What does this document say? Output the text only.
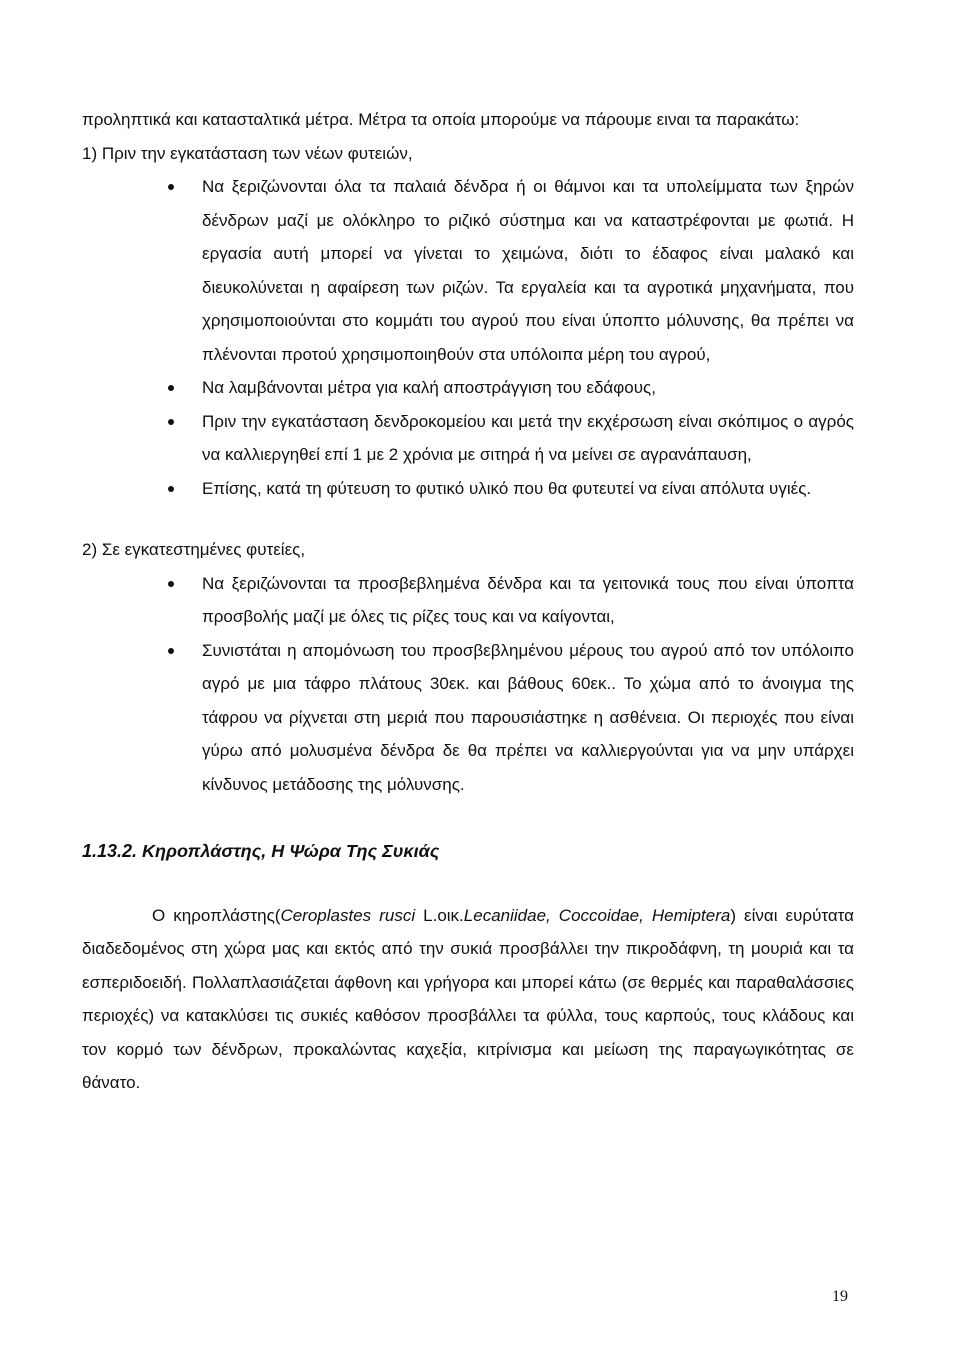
προληπτικά και κατασταλτικά μέτρα. Μέτρα τα οποία μπορούμε να πάρουμε ειναι τα παρακάτω:

1) Πριν την εγκατάσταση των νέων φυτειών,

Να ξεριζώνονται όλα τα παλαιά δένδρα ή οι θάμνοι και τα υπολείμματα των ξηρών δένδρων μαζί με ολόκληρο το ριζικό σύστημα και να καταστρέφονται με φωτιά. Η εργασία αυτή μπορεί να γίνεται το χειμώνα, διότι το έδαφος είναι μαλακό και διευκολύνεται η αφαίρεση των ριζών. Τα εργαλεία και τα αγροτικά μηχανήματα, που χρησιμοποιούνται στο κομμάτι του αγρού που είναι ύποπτο μόλυνσης, θα πρέπει να πλένονται προτού χρησιμοποιηθούν στα υπόλοιπα μέρη του αγρού,
Να λαμβάνονται μέτρα για καλή αποστράγγιση του εδάφους,
Πριν την εγκατάσταση δενδροκομείου και μετά την εκχέρσωση είναι σκόπιμος ο αγρός να καλλιεργηθεί επί 1 με 2 χρόνια με σιτηρά ή να μείνει σε αγρανάπαυση,
Επίσης, κατά τη φύτευση το φυτικό υλικό που θα φυτευτεί να είναι απόλυτα υγιές.

2) Σε εγκατεστημένες φυτείες,

Να ξεριζώνονται τα προσβεβλημένα δένδρα και τα γειτονικά τους που είναι ύποπτα προσβολής μαζί με όλες τις ρίζες τους και να καίγονται,
Συνιστάται η απομόνωση του προσβεβλημένου μέρους του αγρού από τον υπόλοιπο αγρό με μια τάφρο πλάτους 30εκ. και βάθους 60εκ.. Το χώμα από το άνοιγμα της τάφρου να ρίχνεται στη μεριά που παρουσιάστηκε η ασθένεια. Οι περιοχές που είναι γύρω από μολυσμένα δένδρα δε θα πρέπει να καλλιεργούνται για να μην υπάρχει κίνδυνος μετάδοσης της μόλυνσης.
1.13.2. Κηροπλάστης, Η Ψώρα Της Συκιάς

Ο κηροπλάστης(Ceroplastes rusci L.οικ.Lecaniidae, Coccoidae, Hemiptera) είναι ευρύτατα διαδεδομένος στη χώρα μας και εκτός από την συκιά προσβάλλει την πικροδάφνη, τη μουριά και τα εσπεριδοειδή. Πολλαπλασιάζεται άφθονη και γρήγορα και μπορεί κάτω (σε θερμές και παραθαλάσσιες περιοχές) να κατακλύσει τις συκιές καθόσον προσβάλλει τα φύλλα, τους καρπούς, τους κλάδους και τον κορμό των δένδρων, προκαλώντας καχεξία, κιτρίνισμα και μείωση της παραγωγικότητας σε θάνατο.

19
